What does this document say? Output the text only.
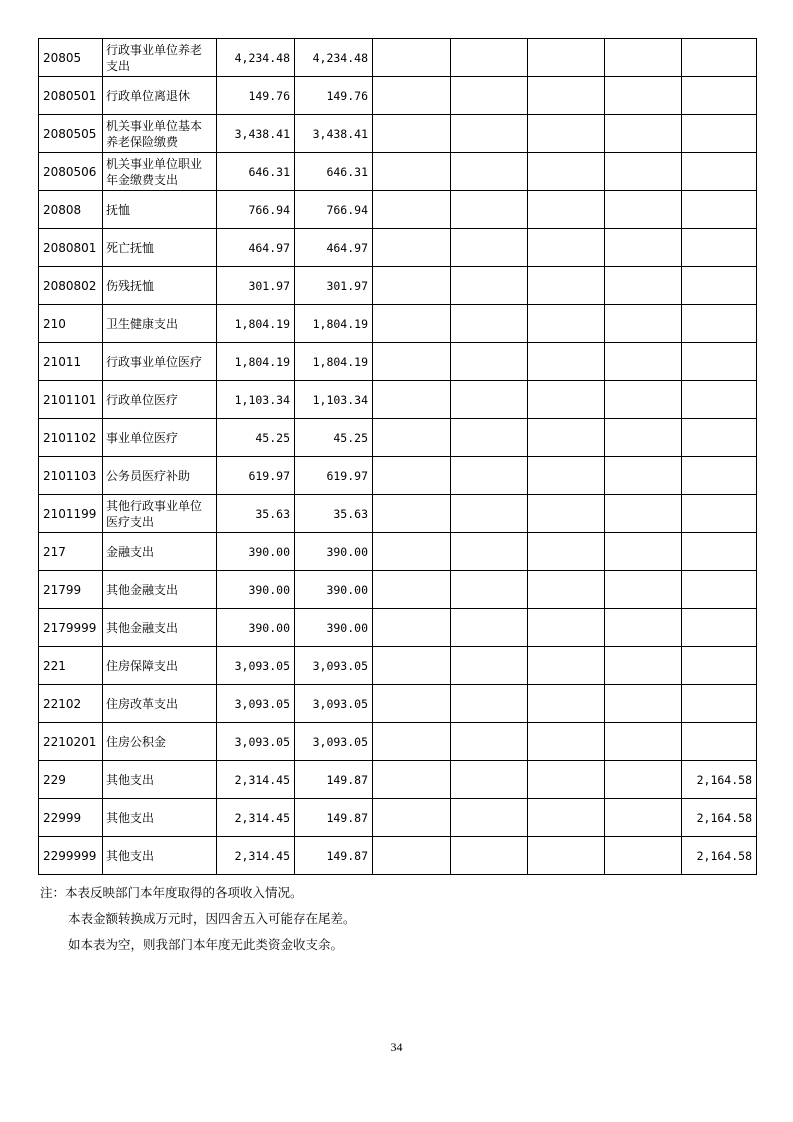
20805	行政事业单位养老支出	4,234.48	4,234.48					
2080501	行政单位离退休	149.76	149.76					
2080505	机关事业单位基本养老保险缴费	3,438.41	3,438.41					
2080506	机关事业单位职业年金缴费支出	646.31	646.31					
20808	抚恤	766.94	766.94					
2080801	死亡抚恤	464.97	464.97					
2080802	伤残抚恤	301.97	301.97					
210	卫生健康支出	1,804.19	1,804.19					
21011	行政事业单位医疗	1,804.19	1,804.19					
2101101	行政单位医疗	1,103.34	1,103.34					
2101102	事业单位医疗	45.25	45.25					
2101103	公务员医疗补助	619.97	619.97					
2101199	其他行政事业单位医疗支出	35.63	35.63					
217	金融支出	390.00	390.00					
21799	其他金融支出	390.00	390.00					
2179999	其他金融支出	390.00	390.00					
221	住房保障支出	3,093.05	3,093.05					
22102	住房改革支出	3,093.05	3,093.05					
2210201	住房公积金	3,093.05	3,093.05					
229	其他支出	2,314.45	149.87					2,164.58
22999	其他支出	2,314.45	149.87					2,164.58
2299999	其他支出	2,314.45	149.87					2,164.58

注：本表反映部门本年度取得的各项收入情况。

本表金额转换成万元时，因四舍五入可能存在尾差。

如本表为空，则我部门本年度无此类资金收支余。

34
